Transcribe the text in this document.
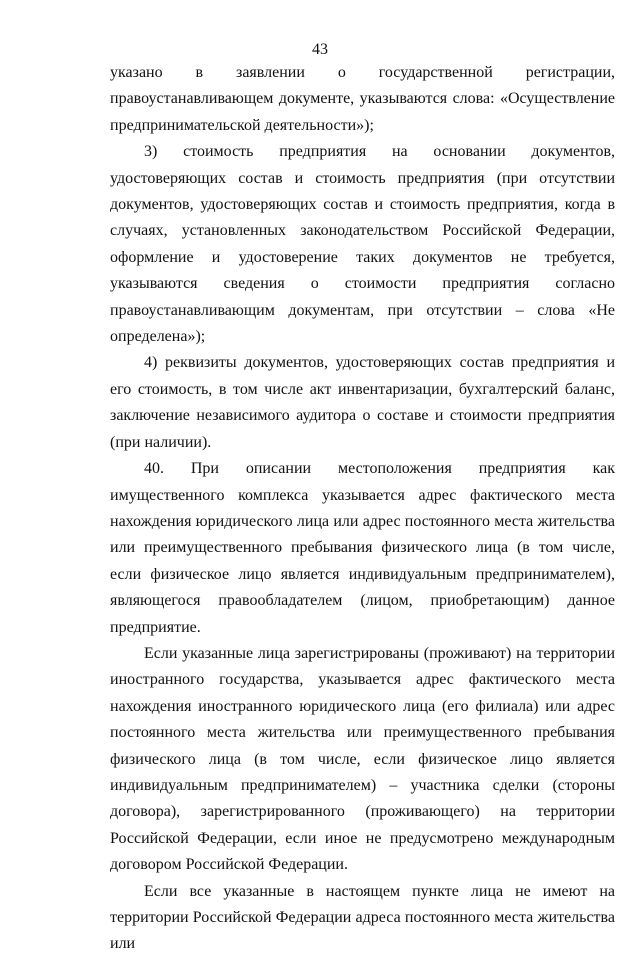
43

указано в заявлении о государственной регистрации, правоустанавливающем документе, указываются слова: «Осуществление предпринимательской деятельности»);

3) стоимость предприятия на основании документов, удостоверяющих состав и стоимость предприятия (при отсутствии документов, удостоверяющих состав и стоимость предприятия, когда в случаях, установленных законодательством Российской Федерации, оформление и удостоверение таких документов не требуется, указываются сведения о стоимости предприятия согласно правоустанавливающим документам, при отсутствии – слова «Не определена»);

4) реквизиты документов, удостоверяющих состав предприятия и его стоимость, в том числе акт инвентаризации, бухгалтерский баланс, заключение независимого аудитора о составе и стоимости предприятия (при наличии).

40. При описании местоположения предприятия как имущественного комплекса указывается адрес фактического места нахождения юридического лица или адрес постоянного места жительства или преимущественного пребывания физического лица (в том числе, если физическое лицо является индивидуальным предпринимателем), являющегося правообладателем (лицом, приобретающим) данное предприятие.

Если указанные лица зарегистрированы (проживают) на территории иностранного государства, указывается адрес фактического места нахождения иностранного юридического лица (его филиала) или адрес постоянного места жительства или преимущественного пребывания физического лица (в том числе, если физическое лицо является индивидуальным предпринимателем) – участника сделки (стороны договора), зарегистрированного (проживающего) на территории Российской Федерации, если иное не предусмотрено международным договором Российской Федерации.

Если все указанные в настоящем пункте лица не имеют на территории Российской Федерации адреса постоянного места жительства или
